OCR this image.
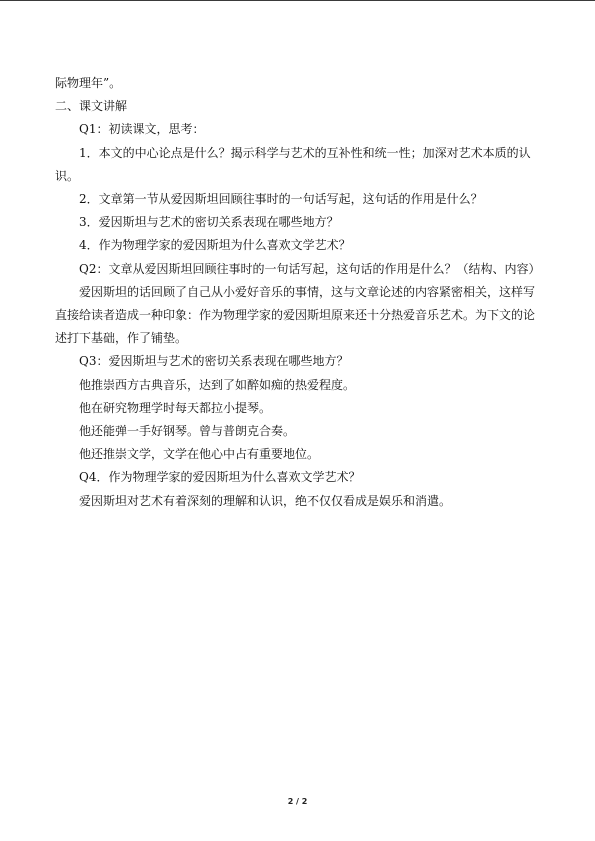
际物理年”。
二、课文讲解
Q1：初读课文，思考：
1．本文的中心论点是什么？揭示科学与艺术的互补性和统一性；加深对艺术本质的认
识。
2．文章第一节从爱因斯坦回顾往事时的一句话写起，这句话的作用是什么？
3．爱因斯坦与艺术的密切关系表现在哪些地方？
4．作为物理学家的爱因斯坦为什么喜欢文学艺术？
Q2：文章从爱因斯坦回顾往事时的一句话写起，这句话的作用是什么？（结构、内容）
爱因斯坦的话回顾了自己从小爱好音乐的事情，这与文章论述的内容紧密相关，这样写
直接给读者造成一种印象：作为物理学家的爱因斯坦原来还十分热爱音乐艺术。为下文的论
述打下基础，作了铺垫。
Q3：爱因斯坦与艺术的密切关系表现在哪些地方？
他推崇西方古典音乐，达到了如醉如痴的热爱程度。
他在研究物理学时每天都拉小提琴。
他还能弹一手好钢琴。曾与普朗克合奏。
他还推崇文学，文学在他心中占有重要地位。
Q4．作为物理学家的爱因斯坦为什么喜欢文学艺术？
爱因斯坦对艺术有着深刻的理解和认识，绝不仅仅看成是娱乐和消遣。
2 / 2
